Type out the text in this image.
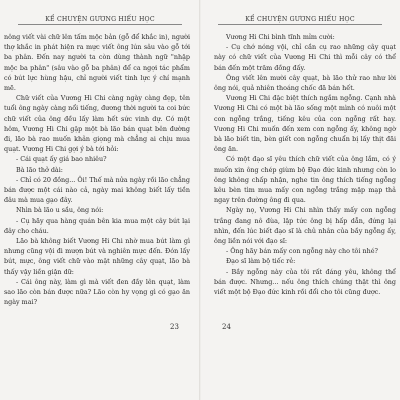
KỂ CHUYỆN GƯƠNG HIẾU HỌC

nông viết vài chữ lên tấm mộc bản (gỗ để khắc in), người thợ khắc in phát hiện ra mực viết ông lún sâu vào gỗ tới ba phân. Đến nay người ta còn dùng thành ngữ "nhập mộc ba phân" (sâu vào gỗ ba phân) để ca ngợi tác phẩm có bút lực hùng hậu, chỉ người viết tinh lực ý chí mạnh mẽ.

Chữ viết của Vương Hi Chi càng ngày càng đẹp, tên tuổi ông ngày càng nổi tiếng, đương thời người ta coi bức chữ viết của ông đều lấy làm hết sức vinh dự. Có một hôm, Vương Hi Chi gặp một bà lão bán quạt bên đường đi, lão bà rao muốn khản giọng mà chẳng ai chịu mua quạt. Vương Hi Chi gợi ý bà tới hỏi:

- Cái quạt ấy giá bao nhiêu?

Bà lão thở dài:

- Chỉ có 20 đồng... Ôi! Thế mà nửa ngày rồi lão chẳng bán được một cái nào cả, ngày mai không biết lấy tiền đâu mà mua gạo đây.

Nhìn bà lão u sầu, ông nói:

- Cụ hãy qua hàng quán bên kia mua một cây bút lại đây cho cháu.

Lão bà không biết Vương Hi Chi nhờ mua bút làm gì nhưng cũng vội đi mượn bút và nghiên mực đến. Đón lấy bút, mực, ông viết chữ vào mặt những cây quạt, lão bà thấy vậy liền giận dữ:

- Cái ông này, làm gì mà viết đen đầy lên quạt, làm sao lão còn bán được nữa? Lão còn hy vọng gì có gạo ăn ngày mai?

23
KỂ CHUYỆN GƯƠNG HIẾU HỌC

Vương Hi Chi bình tĩnh mỉm cười:

- Cụ chớ nóng vội, chỉ cần cụ rao những cây quạt này có chữ viết của Vương Hi Chi thì mỗi cây có thể bán đến một trăm đồng đấy.

Ông viết lên mười cây quạt, bà lão thử rao như lời ông nói, quả nhiên thoáng chốc đã bán hết.

Vương Hi Chi đặc biệt thích ngắm ngỗng. Cạnh nhà Vương Hi Chi có một bà lão sống một mình có nuôi một con ngỗng trắng, tiếng kêu của con ngỗng rất hay. Vương Hi Chi muốn đến xem con ngỗng ấy, không ngờ bà lão biết tin, bèn giết con ngỗng chuẩn bị lấy thịt đãi ông ăn.

Có một đạo sĩ yêu thích chữ viết của ông lắm, có ý muốn xin ông chép giùm bộ Đạo đức kinh nhưng còn lo ông không chấp nhận, nghe tin ông thích tiếng ngỗng kêu bèn tìm mua mấy con ngỗng trắng mập mạp thả ngay trên đường ông đi qua.

Ngày nọ, Vương Hi Chi nhìn thấy mấy con ngỗng trắng đang nô đùa, lập tức ông bị hấp dẫn, đứng lại nhìn, đến lúc biết đạo sĩ là chủ nhân của bầy ngỗng ấy, ông liền nói với đạo sĩ:

- Ông hãy bán mấy con ngỗng này cho tôi nhé?

Đạo sĩ làm bộ tiếc rẻ:

- Bầy ngỗng này của tôi rất đáng yêu, không thể bán được. Nhưng... nếu ông thích chúng thật thì ông viết một bộ Đạo đức kinh rồi đổi cho tôi cũng được.

24
